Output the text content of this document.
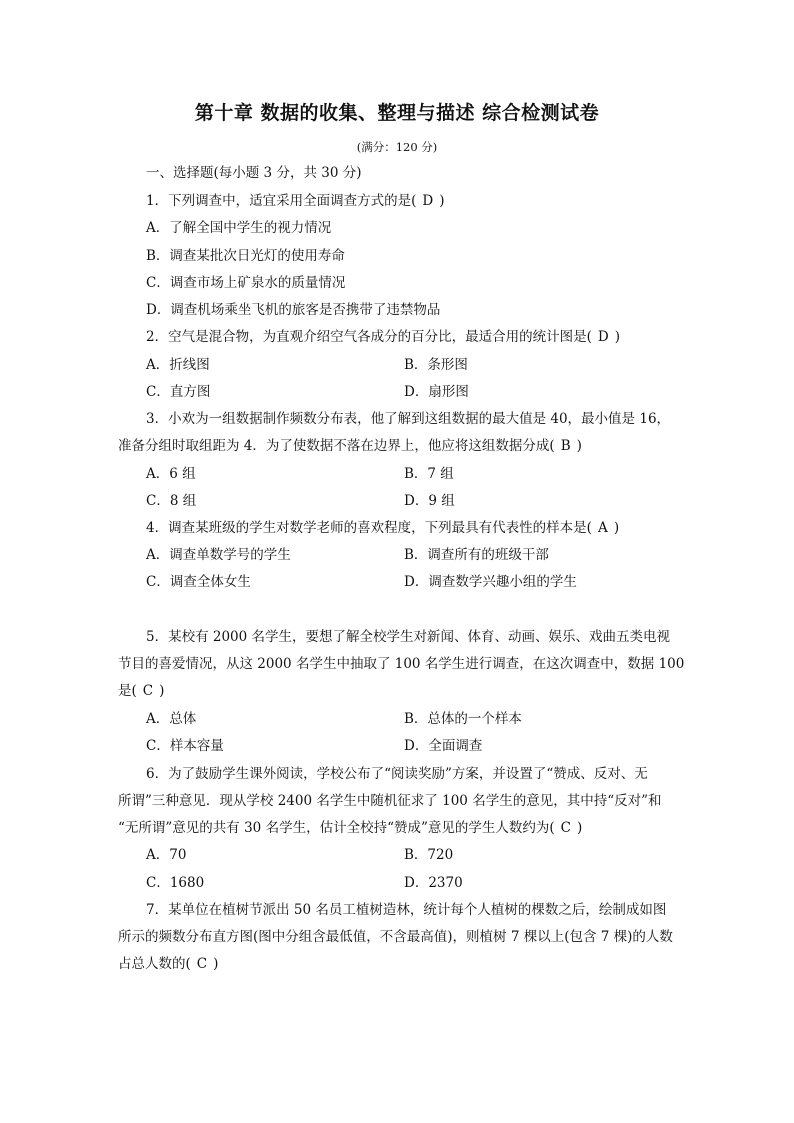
第十章 数据的收集、整理与描述 综合检测试卷
(满分：120 分)
一、选择题(每小题 3 分，共 30 分)
1．下列调查中，适宜采用全面调查方式的是( D )
A．了解全国中学生的视力情况
B．调查某批次日光灯的使用寿命
C．调查市场上矿泉水的质量情况
D．调查机场乘坐飞机的旅客是否携带了违禁物品
2．空气是混合物，为直观介绍空气各成分的百分比，最适合用的统计图是( D )
A．折线图	B．条形图
C．直方图	D．扇形图
3．小欢为一组数据制作频数分布表，他了解到这组数据的最大值是 40，最小值是 16，
准备分组时取组距为 4．为了使数据不落在边界上，他应将这组数据分成( B )
A．6 组	B．7 组
C．8 组	D．9 组
4．调查某班级的学生对数学老师的喜欢程度，下列最具有代表性的样本是( A )
A．调查单数学号的学生	B．调查所有的班级干部
C．调查全体女生	D．调查数学兴趣小组的学生
5．某校有 2000 名学生，要想了解全校学生对新闻、体育、动画、娱乐、戏曲五类电视
节目的喜爱情况，从这 2000 名学生中抽取了 100 名学生进行调查，在这次调查中，数据 100
是( C )
A．总体	B．总体的一个样本
C．样本容量	D．全面调查
6．为了鼓励学生课外阅读，学校公布了“阅读奖励”方案，并设置了“赞成、反对、无
所谓”三种意见．现从学校 2400 名学生中随机征求了 100 名学生的意见，其中持“反对”和
“无所谓”意见的共有 30 名学生，估计全校持“赞成”意见的学生人数约为( C )
A．70	B．720
C．1680	D．2370
7．某单位在植树节派出 50 名员工植树造林，统计每个人植树的棵数之后，绘制成如图
所示的频数分布直方图(图中分组含最低值，不含最高值)，则植树 7 棵以上(包含 7 棵)的人数
占总人数的( C )
